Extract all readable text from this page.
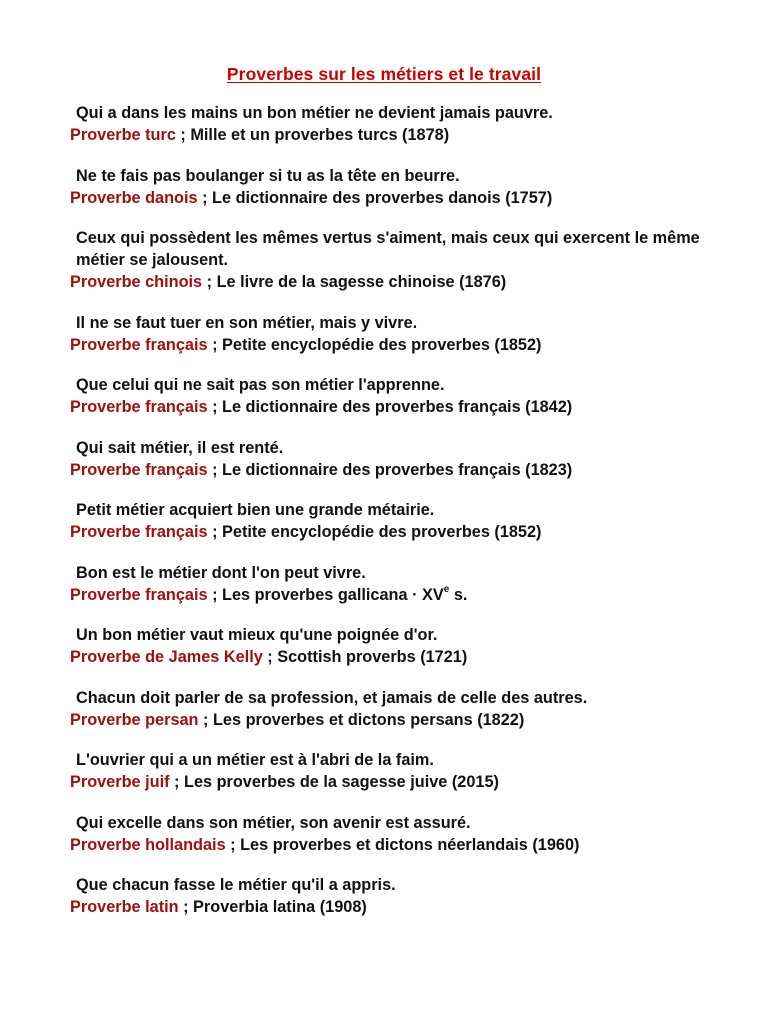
Proverbes sur les métiers et le travail
Qui a dans les mains un bon métier ne devient jamais pauvre.
Proverbe turc ; Mille et un proverbes turcs (1878)
Ne te fais pas boulanger si tu as la tête en beurre.
Proverbe danois ; Le dictionnaire des proverbes danois (1757)
Ceux qui possèdent les mêmes vertus s'aiment, mais ceux qui exercent le même métier se jalousent.
Proverbe chinois ; Le livre de la sagesse chinoise (1876)
Il ne se faut tuer en son métier, mais y vivre.
Proverbe français ; Petite encyclopédie des proverbes (1852)
Que celui qui ne sait pas son métier l'apprenne.
Proverbe français ; Le dictionnaire des proverbes français (1842)
Qui sait métier, il est renté.
Proverbe français ; Le dictionnaire des proverbes français (1823)
Petit métier acquiert bien une grande métairie.
Proverbe français ; Petite encyclopédie des proverbes (1852)
Bon est le métier dont l'on peut vivre.
Proverbe français ; Les proverbes gallicana · $XV^e$ s.
Un bon métier vaut mieux qu'une poignée d'or.
Proverbe de James Kelly ; Scottish proverbs (1721)
Chacun doit parler de sa profession, et jamais de celle des autres.
Proverbe persan ; Les proverbes et dictons persans (1822)
L'ouvrier qui a un métier est à l'abri de la faim.
Proverbe juif ; Les proverbes de la sagesse juive (2015)
Qui excelle dans son métier, son avenir est assuré.
Proverbe hollandais ; Les proverbes et dictons néerlandais (1960)
Que chacun fasse le métier qu'il a appris.
Proverbe latin ; Proverbia latina (1908)
